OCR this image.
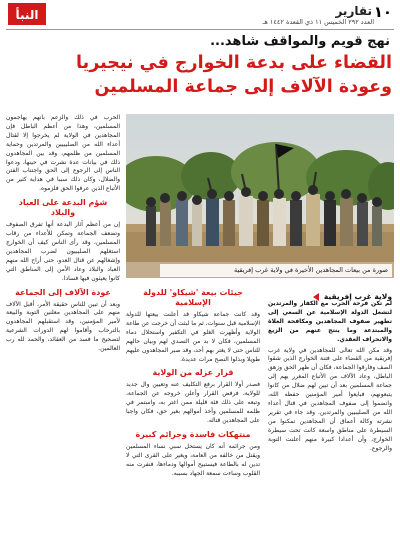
١٠
تقارير
العدد ٢٩٢ الخميس ١١ ذي القعدة ١٤٤٢ هـ
النبأ
نهج قويم والمواقف شاهد...
القضاء على بدعة الخوارج في نيجيريا
وعودة الآلاف إلى جماعة المسلمين

الحرب في ذلك والزعم بأنهم يهاجمون المسلمين، وهذا من أعظم الباطل فإن المجاهدين في الولاية لم يخرجوا إلا لقتال أعداء الله من الصليبيين والمرتدين وحماية المسلمين من ظلمهم، وقد بين المجاهدون ذلك في بيانات عدة نشرت في حينها، ودعوا الناس إلى الرجوع إلى الحق واجتناب الفتن والضلال، وكان ذلك سببا في هداية كثير من الأتباع الذين عرفوا الحق فلزموه.

شؤم البدعة على العباد والبلاد

إن من أعظم آثار البدعة أنها تفرق الصفوف وتضعف الجماعة وتمكن للأعداء من رقاب المسلمين، وقد رأى الناس كيف أن الخوارج استغلهم الصليبيون لضرب المجاهدين وإشغالهم عن قتال العدو، حتى أراح الله منهم العباد والبلاد وعاد الأمن إلى المناطق التي كانوا يعيثون فيها فسادا.

عودة الآلاف إلى الجماعة

وبعد أن تبين للناس حقيقة الأمر، أقبل الآلاف منهم على المجاهدين معلنين التوبة والبيعة لأمير المؤمنين، وقد استقبلهم المجاهدون بالترحاب وأقاموا لهم الدورات الشرعية لتصحيح ما فسد من العقائد، والحمد لله رب العالمين.

صورة من بيعات المجاهدين الأخيرة في ولاية غرب إفريقية
ولاية غرب إفريقية

لم تكن فرحة الحرب مع الكفار والمرتدين لتشغل الدولة الإسلامية عن السعي إلى تطهير صفوف المجاهدين ومكافحة الغلاة والمبتدعة وما ينتج عنهم من الزيغ والانحراف العقدي.

وقد مكن الله تعالى للمجاهدين في ولاية غرب إفريقية من القضاء على فتنة الخوارج الذين شقوا الصف وفارقوا الجماعة، فكان أن ظهر الحق وزهق الباطل، وعاد الآلاف من الأتباع المغرر بهم إلى جماعة المسلمين بعد أن تبين لهم ضلال من كانوا يتبعونهم، فبايعوا أمير المؤمنين حفظه الله، وانضموا إلى صفوف المجاهدين في قتال أعداء الله من الصليبيين والمرتدين. وقد جاء في تقرير نشرته وكالة أعماق أن المجاهدين تمكنوا من السيطرة على مناطق واسعة كانت تحت سيطرة الخوارج، وأن أعدادا كبيرة منهم أعلنت التوبة والرجوع.

جيئات بيعة 'شيكاو' للدولة الإسلامية

وقد كانت جماعة شيكاو قد أعلنت بيعتها للدولة الإسلامية قبل سنوات، ثم ما لبثت أن خرجت عن طاعة الولاية وأظهرت الغلو في التكفير واستحلال دماء المسلمين، فكان لا بد من التصدي لهم وبيان حالهم للناس حتى لا يغتر بهم أحد، وقد صبر المجاهدون عليهم طويلا وبذلوا النصح مرات عديدة.

قرار عزله من الولاية

فصدر أولا القرار برفع التكليف عنه وتعيين وال جديد للولاية، فرفض القرار وأعلن خروجه عن الجماعة، وتبعه على ذلك فئة قليلة ممن اغتر به، واستمر في ظلمه للمسلمين وأخذ أموالهم بغير حق، فكان واجبا على المجاهدين قتاله.

منتهكات فاسدة وجرائم كبيرة

ومن جرائمه أنه كان يستحل سبي نساء المسلمين ويقتل من خالفه من العامة، ويغير على القرى التي لا تدين له بالطاعة فيستبيح أموالها ودماءها، فنفرت منه القلوب وساءت سمعة الجهاد بسببه.
